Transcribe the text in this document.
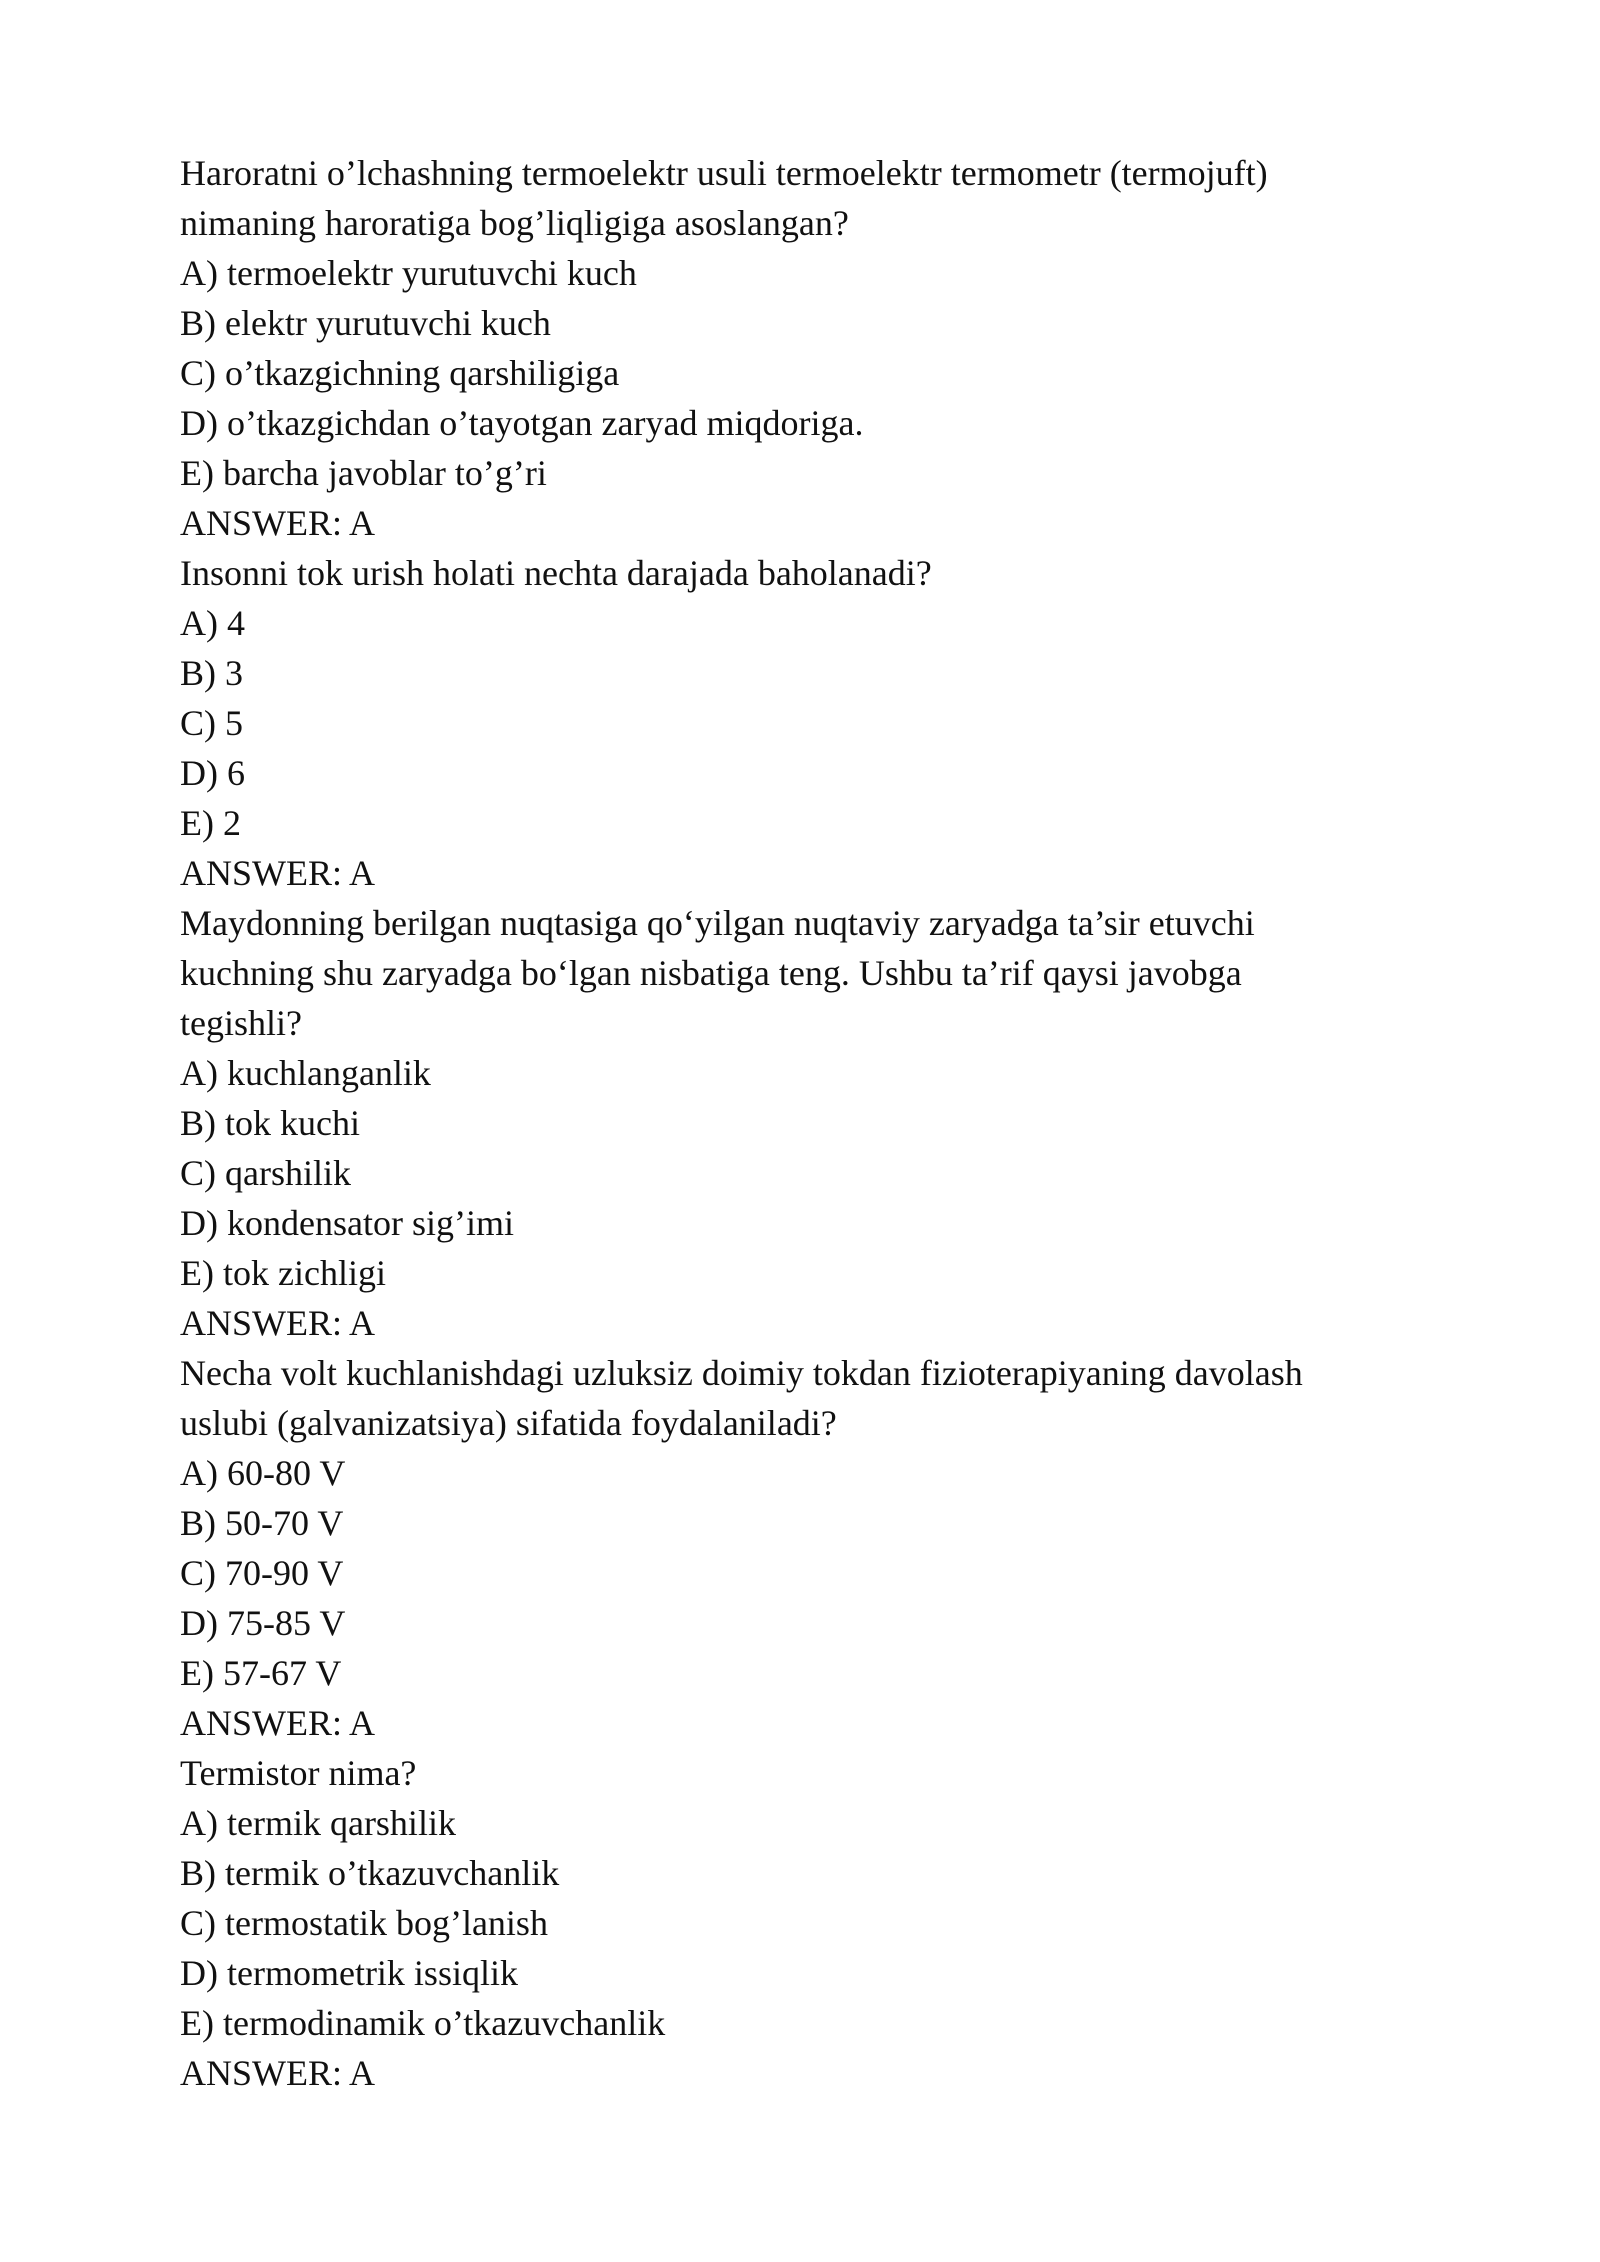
Haroratni o’lchashning termoelektr usuli termoelektr termometr (termojuft)
nimaning haroratiga bog’liqligiga asoslangan?
A) termoelektr yurutuvchi kuch
B) elektr yurutuvchi kuch
C) o’tkazgichning qarshiligiga
D) o’tkazgichdan o’tayotgan zaryad miqdoriga.
E) barcha javoblar to’g’ri
ANSWER: A
Insonni tok urish holati nechta darajada baholanadi?
A) 4
B) 3
C) 5
D) 6
E) 2
ANSWER: A
Maydonning berilgan nuqtasiga qo‘yilgan nuqtaviy zaryadga ta’sir etuvchi
kuchning shu zaryadga bo‘lgan nisbatiga teng. Ushbu ta’rif qaysi javobga
tegishli?
A) kuchlanganlik
B) tok kuchi
C) qarshilik
D) kondensator sig’imi
E) tok zichligi
ANSWER: A
Necha volt kuchlanishdagi uzluksiz doimiy tokdan fizioterapiyaning davolash
uslubi (galvanizatsiya) sifatida foydalaniladi?
A) 60-80 V
B) 50-70 V
C) 70-90 V
D) 75-85 V
E) 57-67 V
ANSWER: A
Termistor nima?
A) termik qarshilik
B) termik o’tkazuvchanlik
C) termostatik bog’lanish
D) termometrik issiqlik
E) termodinamik o’tkazuvchanlik
ANSWER: A
